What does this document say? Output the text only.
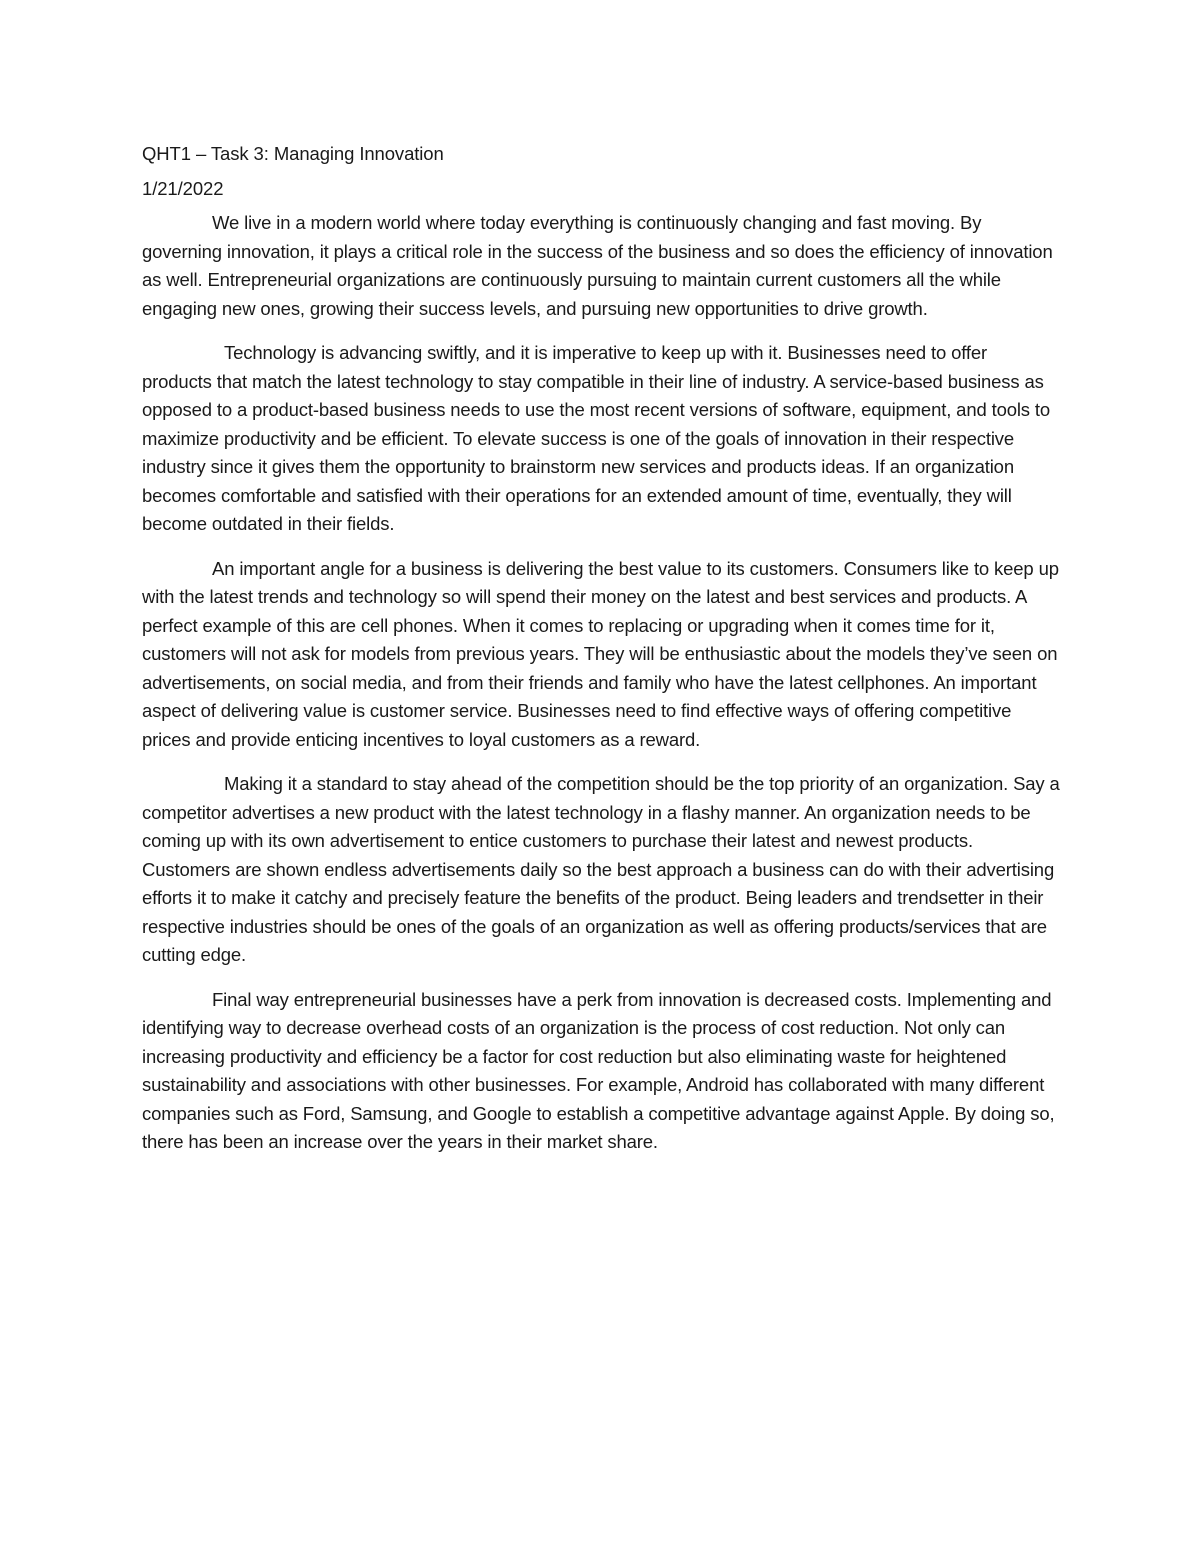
QHT1 – Task 3: Managing Innovation

1/21/2022

We live in a modern world where today everything is continuously changing and fast moving. By governing innovation, it plays a critical role in the success of the business and so does the efficiency of innovation as well. Entrepreneurial organizations are continuously pursuing to maintain current customers all the while engaging new ones, growing their success levels, and pursuing new opportunities to drive growth.

Technology is advancing swiftly, and it is imperative to keep up with it. Businesses need to offer products that match the latest technology to stay compatible in their line of industry. A service-based business as opposed to a product-based business needs to use the most recent versions of software, equipment, and tools to maximize productivity and be efficient. To elevate success is one of the goals of innovation in their respective industry since it gives them the opportunity to brainstorm new services and products ideas. If an organization becomes comfortable and satisfied with their operations for an extended amount of time, eventually, they will become outdated in their fields.

An important angle for a business is delivering the best value to its customers. Consumers like to keep up with the latest trends and technology so will spend their money on the latest and best services and products. A perfect example of this are cell phones. When it comes to replacing or upgrading when it comes time for it, customers will not ask for models from previous years. They will be enthusiastic about the models they’ve seen on advertisements, on social media, and from their friends and family who have the latest cellphones. An important aspect of delivering value is customer service. Businesses need to find effective ways of offering competitive prices and provide enticing incentives to loyal customers as a reward.

Making it a standard to stay ahead of the competition should be the top priority of an organization. Say a competitor advertises a new product with the latest technology in a flashy manner. An organization needs to be coming up with its own advertisement to entice customers to purchase their latest and newest products. Customers are shown endless advertisements daily so the best approach a business can do with their advertising efforts it to make it catchy and precisely feature the benefits of the product. Being leaders and trendsetter in their respective industries should be ones of the goals of an organization as well as offering products/services that are cutting edge.

Final way entrepreneurial businesses have a perk from innovation is decreased costs. Implementing and identifying way to decrease overhead costs of an organization is the process of cost reduction. Not only can increasing productivity and efficiency be a factor for cost reduction but also eliminating waste for heightened sustainability and associations with other businesses. For example, Android has collaborated with many different companies such as Ford, Samsung, and Google to establish a competitive advantage against Apple. By doing so, there has been an increase over the years in their market share.
